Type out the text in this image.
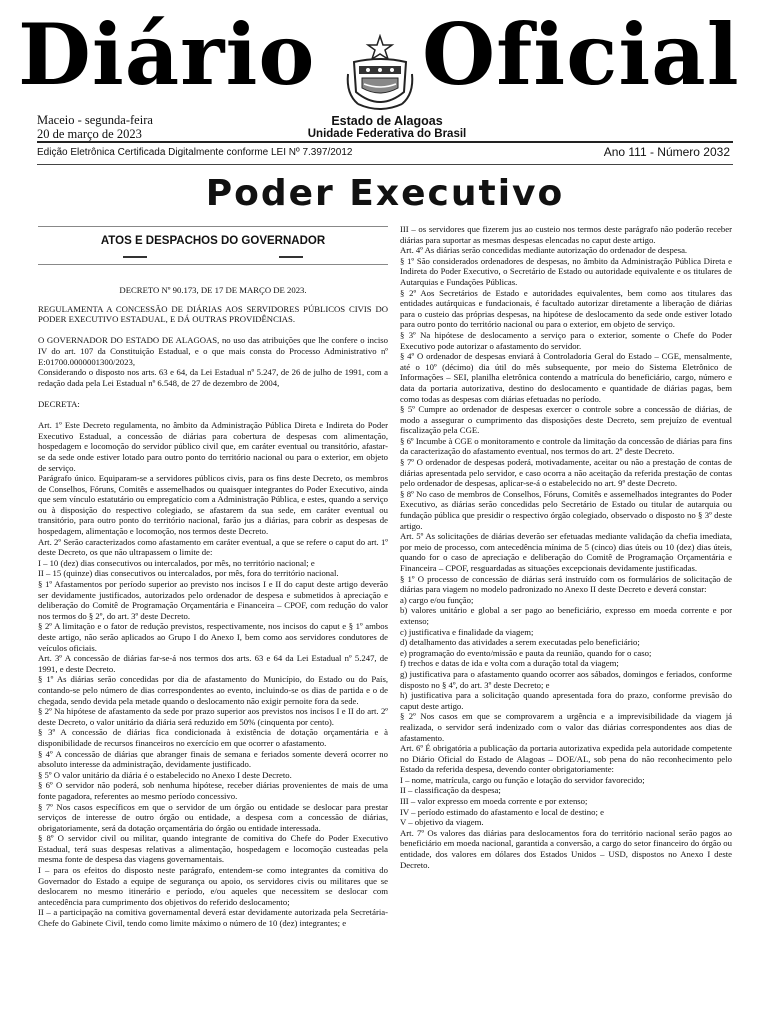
Diário Oficial
Maceio - segunda-feira
20 de março de 2023
Estado de Alagoas
Unidade Federativa do Brasil
Edição Eletrônica Certificada Digitalmente conforme LEI Nº 7.397/2012	Ano 111 - Número 2032
Poder Executivo
ATOS E DESPACHOS DO GOVERNADOR
DECRETO Nº 90.173, DE 17 DE MARÇO DE 2023.
REGULAMENTA A CONCESSÃO DE DIÁRIAS AOS SERVIDORES PÚBLICOS CIVIS DO PODER EXECUTIVO ESTADUAL, E DÁ OUTRAS PROVIDÊNCIAS.
O GOVERNADOR DO ESTADO DE ALAGOAS, no uso das atribuições que lhe confere o inciso IV do art. 107 da Constituição Estadual, e o que mais consta do Processo Administrativo nº E:01700.0000001300/2023,
Considerando o disposto nos arts. 63 e 64, da Lei Estadual nº 5.247, de 26 de julho de 1991, com a redação dada pela Lei Estadual nº 6.548, de 27 de dezembro de 2004,
DECRETA:
Art. 1º Este Decreto regulamenta, no âmbito da Administração Pública Direta e Indireta do Poder Executivo Estadual, a concessão de diárias para cobertura de despesas com alimentação, hospedagem e locomoção do servidor público civil que, em caráter eventual ou transitório, afastar-se da sede onde estiver lotado para outro ponto do território nacional ou para o exterior, em objeto de serviço.
Parágrafo único. Equiparam-se a servidores públicos civis, para os fins deste Decreto, os membros de Conselhos, Fóruns, Comitês e assemelhados ou quaisquer integrantes do Poder Executivo, ainda que sem vínculo estatutário ou empregatício com a Administração Pública, e estes, quando a serviço ou à disposição do respectivo colegiado, se afastarem da sua sede, em caráter eventual ou transitório, para outro ponto do território nacional, farão jus a diárias, para cobrir as despesas de hospedagem, alimentação e locomoção, nos termos deste Decreto.
Art. 2º Serão caracterizados como afastamento em caráter eventual, a que se refere o caput do art. 1º deste Decreto, os que não ultrapassem o limite de:
I – 10 (dez) dias consecutivos ou intercalados, por mês, no território nacional; e
II – 15 (quinze) dias consecutivos ou intercalados, por mês, fora do território nacional.
§ 1º Afastamentos por período superior ao previsto nos incisos I e II do caput deste artigo deverão ser devidamente justificados, autorizados pelo ordenador de despesa e submetidos à apreciação e deliberação do Comitê de Programação Orçamentária e Financeira – CPOF, com redução do valor nos termos do § 2º, do art. 3º deste Decreto.
§ 2º A limitação e o fator de redução previstos, respectivamente, nos incisos do caput e § 1º ambos deste artigo, não serão aplicados ao Grupo I do Anexo I, bem como aos servidores condutores de veículos oficiais.
Art. 3º A concessão de diárias far-se-á nos termos dos arts. 63 e 64 da Lei Estadual nº 5.247, de 1991, e deste Decreto.
§ 1º As diárias serão concedidas por dia de afastamento do Município, do Estado ou do País, contando-se pelo número de dias correspondentes ao evento, incluindo-se os dias de partida e o de chegada, sendo devida pela metade quando o deslocamento não exigir pernoite fora da sede.
§ 2º Na hipótese de afastamento da sede por prazo superior aos previstos nos incisos I e II do art. 2º deste Decreto, o valor unitário da diária será reduzido em 50% (cinquenta por cento).
§ 3º A concessão de diárias fica condicionada à existência de dotação orçamentária e à disponibilidade de recursos financeiros no exercício em que ocorrer o afastamento.
§ 4º A concessão de diárias que abranger finais de semana e feriados somente deverá ocorrer no absoluto interesse da administração, devidamente justificado.
§ 5º O valor unitário da diária é o estabelecido no Anexo I deste Decreto.
§ 6º O servidor não poderá, sob nenhuma hipótese, receber diárias provenientes de mais de uma fonte pagadora, referentes ao mesmo período concessivo.
§ 7º Nos casos específicos em que o servidor de um órgão ou entidade se deslocar para prestar serviços de interesse de outro órgão ou entidade, a despesa com a concessão de diárias, obrigatoriamente, será da dotação orçamentária do órgão ou entidade interessada.
§ 8º O servidor civil ou militar, quando integrante de comitiva do Chefe do Poder Executivo Estadual, terá suas despesas relativas a alimentação, hospedagem e locomoção custeadas pela mesma fonte de despesa das viagens governamentais.
I – para os efeitos do disposto neste parágrafo, entendem-se como integrantes da comitiva do Governador do Estado a equipe de segurança ou apoio, os servidores civis ou militares que se deslocarem no mesmo itinerário e período, e/ou aqueles que necessitem se deslocar com antecedência para cumprimento dos objetivos do referido deslocamento;
II – a participação na comitiva governamental deverá estar devidamente autorizada pela Secretária-Chefe do Gabinete Civil, tendo como limite máximo o número de 10 (dez) integrantes; e
III – os servidores que fizerem jus ao custeio nos termos deste parágrafo não poderão receber diárias para suportar as mesmas despesas elencadas no caput deste artigo.
Art. 4º As diárias serão concedidas mediante autorização do ordenador de despesa.
§ 1º São considerados ordenadores de despesas, no âmbito da Administração Pública Direta e Indireta do Poder Executivo, o Secretário de Estado ou autoridade equivalente e os titulares de Autarquias e Fundações Públicas.
§ 2º Aos Secretários de Estado e autoridades equivalentes, bem como aos titulares das entidades autárquicas e fundacionais, é facultado autorizar diretamente a liberação de diárias para o custeio das próprias despesas, na hipótese de deslocamento da sede onde estiver lotado para outro ponto do território nacional ou para o exterior, em objeto de serviço.
§ 3º Na hipótese de deslocamento a serviço para o exterior, somente o Chefe do Poder Executivo pode autorizar o afastamento do servidor.
§ 4º O ordenador de despesas enviará à Controladoria Geral do Estado – CGE, mensalmente, até o 10º (décimo) dia útil do mês subsequente, por meio do Sistema Eletrônico de Informações – SEI, planilha eletrônica contendo a matrícula do beneficiário, cargo, número e data da portaria autorizativa, destino do deslocamento e quantidade de diárias pagas, bem como todas as despesas com diárias efetuadas no período.
§ 5º Cumpre ao ordenador de despesas exercer o controle sobre a concessão de diárias, de modo a assegurar o cumprimento das disposições deste Decreto, sem prejuízo de eventual fiscalização pela CGE.
§ 6º Incumbe à CGE o monitoramento e controle da limitação da concessão de diárias para fins da caracterização do afastamento eventual, nos termos do art. 2º deste Decreto.
§ 7º O ordenador de despesas poderá, motivadamente, aceitar ou não a prestação de contas de diárias apresentada pelo servidor, e caso ocorra a não aceitação da referida prestação de contas pelo ordenador de despesas, aplicar-se-á o estabelecido no art. 9º deste Decreto.
§ 8º No caso de membros de Conselhos, Fóruns, Comitês e assemelhados integrantes do Poder Executivo, as diárias serão concedidas pelo Secretário de Estado ou titular de autarquia ou fundação pública que presidir o respectivo órgão colegiado, observado o disposto no § 3º deste artigo.
Art. 5º As solicitações de diárias deverão ser efetuadas mediante validação da chefia imediata, por meio de processo, com antecedência mínima de 5 (cinco) dias úteis ou 10 (dez) dias úteis, quando for o caso de apreciação e deliberação do Comitê de Programação Orçamentária e Financeira – CPOF, resguardadas as situações excepcionais devidamente justificadas.
§ 1º O processo de concessão de diárias será instruído com os formulários de solicitação de diárias para viagem no modelo padronizado no Anexo II deste Decreto e deverá constar:
a) cargo e/ou função;
b) valores unitário e global a ser pago ao beneficiário, expresso em moeda corrente e por extenso;
c) justificativa e finalidade da viagem;
d) detalhamento das atividades a serem executadas pelo beneficiário;
e) programação do evento/missão e pauta da reunião, quando for o caso;
f) trechos e datas de ida e volta com a duração total da viagem;
g) justificativa para o afastamento quando ocorrer aos sábados, domingos e feriados, conforme disposto no § 4º, do art. 3º deste Decreto; e
h) justificativa para a solicitação quando apresentada fora do prazo, conforme previsão do caput deste artigo.
§ 2º Nos casos em que se comprovarem a urgência e a imprevisibilidade da viagem já realizada, o servidor será indenizado com o valor das diárias correspondentes aos dias de afastamento.
Art. 6º É obrigatória a publicação da portaria autorizativa expedida pela autoridade competente no Diário Oficial do Estado de Alagoas – DOE/AL, sob pena do não reconhecimento pelo Estado da referida despesa, devendo conter obrigatoriamente:
I – nome, matrícula, cargo ou função e lotação do servidor favorecido;
II – classificação da despesa;
III – valor expresso em moeda corrente e por extenso;
IV – período estimado do afastamento e local de destino; e
V – objetivo da viagem.
Art. 7º Os valores das diárias para deslocamentos fora do território nacional serão pagos ao beneficiário em moeda nacional, garantida a conversão, a cargo do setor financeiro do órgão ou entidade, dos valores em dólares dos Estados Unidos – USD, dispostos no Anexo I deste Decreto.
